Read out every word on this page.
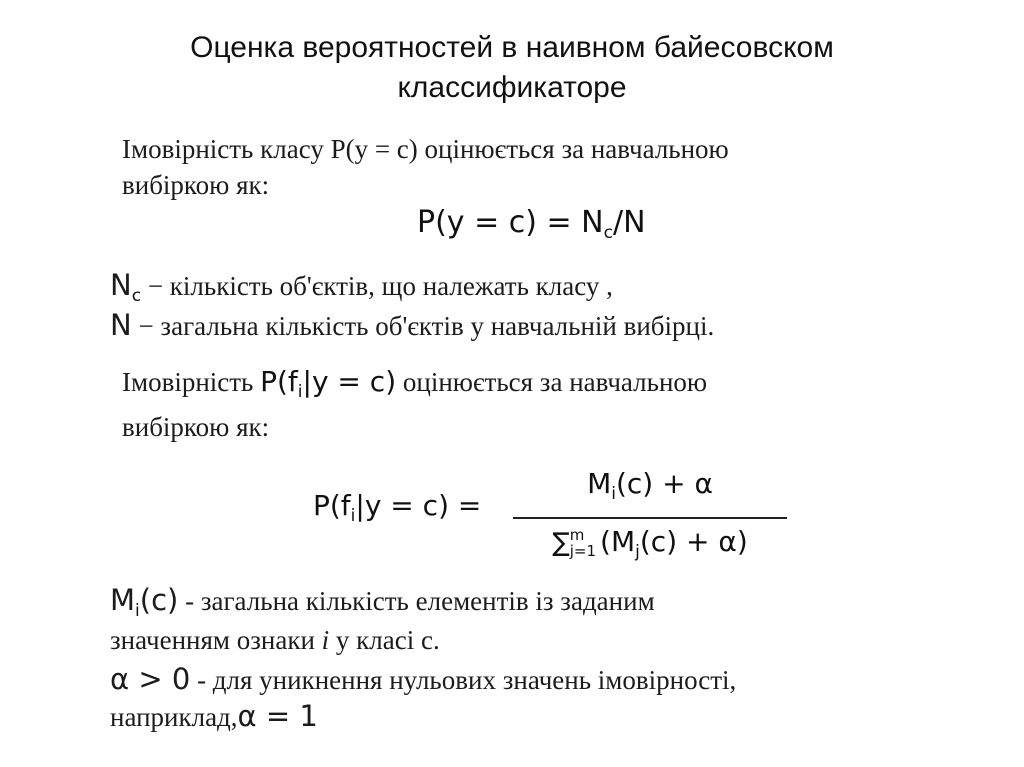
Оценка вероятностей в наивном байесовском
классификаторе
Імовірність класу P(y = c) оцінюється за навчальною
вибіркою як:
$P(y = c) = N_c/N$
$N_c$ − кількість об'єктів, що належать класу ,
N − загальна кількість об'єктів у навчальній вибірці.
Імовірність $P(f_i|y = c)$ оцінюється за навчальною
вибіркою як:
$P(f_i|y = c)$ =
$M_i(c) + \alpha$
∑ m
j=1 $(M_j(c) + \alpha)$
$M_i(c)$ - загальна кількість елементів із заданим
значенням ознаки i у класі с.
α > 0 - для уникнення нульових значень імовірності,
наприклад,α = 1
